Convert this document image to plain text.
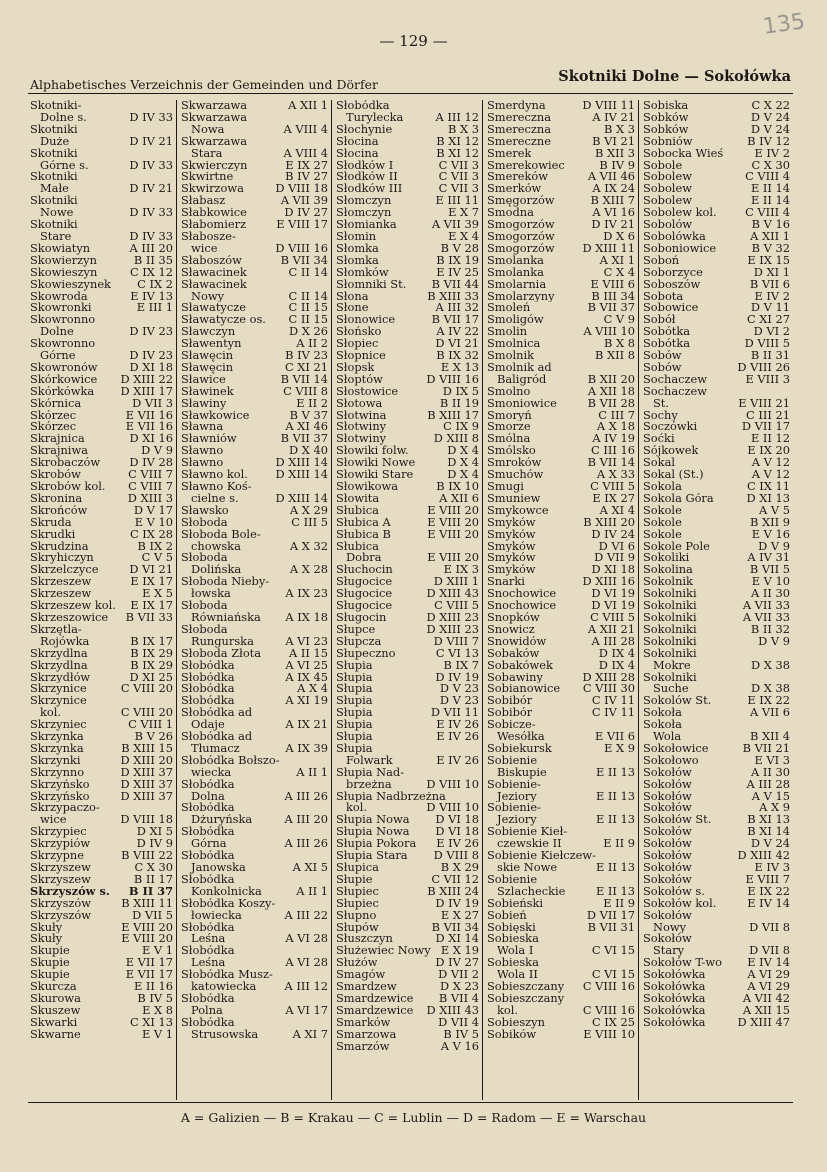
135
— 129 —
Alphabetisches Verzeichnis der Gemeinden und Dörfer	Skotniki Dolne — Sokołówka
Skotniki-
Dolne s.	D IV 33
Skotniki
Duże	D IV 21
Skotniki
Górne s.	D IV 33
Skotniki
Małe	D IV 21
Skotniki
Nowe	D IV 33
Skotniki
Stare	D IV 33
Skowiatyn	A III 20
Skowierzyn	B II 35
Skowieszyn	C IX 12
Skowieszynek C IX 2
Skowroda	E IV 13
Skowronki	E III 1
Skowronno
Dolne	D IV 23
Skowronno
Górne	D IV 23
Skowronów	D XI 18
Skórkowice D XIII 22
Skórkówka D XIII 17
Skórnica	D VII 3
Skórzec	E VII 16
Skórzec	E VII 16
Skrajnica	D XI 16
Skrajniwa	D V 9
Skrobaczów	D IV 28
Skrobów	C VIII 7
Skrobów kol. C VIII 7
Skronina	D XIII 3
Skrońców	D V 17
Skruda	E V 10
Skrudki	C IX 28
Skrudzina	B IX 2
Skryhiczyn	C V 5
Skrzelczyce	D VI 21
Skrzeszew	E IX 17
Skrzeszew	E X 5
Skrzeszew kol. E IX 17
Skrzeszowice B VII 33
Skrzętla-
Rojówka	B IX 17
Skrzydlna	B IX 29
Skrzydlna	B IX 29
Skrzydłów	D XI 25
Skrzynice	C VIII 20
Skrzynice
kol.	C VIII 20
Skrzyniec	C VIII 1
Skrzynka	B V 26
Skrzynka	B XIII 15
Skrzynki	D XIII 20
Skrzynno	D XIII 37
Skrzyńsko	D XIII 37
Skrzyńsko	D XIII 37
Skrzypaczo-
wice	D VIII 18
Skrzypiec	D XI 5
Skrzypiów	D IV 9
Skrzypne	B VIII 22
Skrzyszew	C X 30
Skrzyszew	B II 17
Skrzyszów s. B II 37
Skrzyszów	B XIII 11
Skrzyszów	D VII 5
Skuły	E VIII 20
Skuły	E VIII 20
Skupie	E V 1
Skupie	E VII 17
Skupie	E VII 17
Skurcza	E II 16
Skurowa	B IV 5
Skuszew	E X 8
Skwarki	C XI 13
Skwarne	E V 1
Skwarzawa	A XII 1
Skwarzawa
Nowa	A VIII 4
Skwarzawa
Stara	A VIII 4
Skwierczyn	E IX 27
Skwirtne	B IV 27
Skwirzowa	D VIII 18
Słabasz	A VII 39
Słabkowice	D IV 27
Słabomierz	E VIII 17
Słabosze-
wice	D VIII 16
Słaboszów	B VII 34
Sławacinek	C II 14
Sławacinek
Nowy	C II 14
Sławatycze	C II 15
Sławatycze os. C II 15
Sławczyn	D X 26
Sławentyn	A II 2
Sławęcin	B IV 23
Sławęcin	C XI 21
Sławice	B VII 14
Sławinek	C VIII 8
Sławiny	E II 2
Sławkowice	B V 37
Sławna	A XI 46
Sławniów	B VII 37
Sławno	D X 40
Sławno	D XIII 14
Sławno kol. D XIII 14
Sławno Koś-
cielne s.	D XIII 14
Sławsko	A X 29
Słoboda	C III 5
Słoboda Bole-
chowska	A X 32
Słoboda
Dolińska	A X 28
Słoboda Nieby-
łowska	A IX 23
Słoboda
Równiańska A IX 18
Słoboda
Rungurska	A VI 23
Słoboda Złota A II 15
Słobódka	A VI 25
Słobódka	A IX 45
Słobódka	A X 4
Słobódka	A XI 19
Słobódka ad
Odaje	A IX 21
Słobódka ad
Tłumacz	A IX 39
Słobódka Bołszo-
wiecka	A II 1
Słobódka
Dolna	A III 26
Słobódka
Dżuryńska	A III 20
Słobódka
Górna	A III 26
Słobódka
Janowska	A XI 5
Słobódka
Konkolnicka	A II 1
Słobódka Koszy-
łowiecka	A III 22
Słobódka
Leśna	A VI 28
Słobódka
Leśna	A VI 28
Słobódka Musz-
katowiecka A III 12
Słobódka
Polna	A VI 17
Słobódka
Strusowska	A XI 7
Słobódka
Turylecka	A III 12
Słochynie	B X 3
Słocina	B XI 12
Słocina	B XI 12
Słodków I	C VII 3
Słodków II	C VII 3
Słodków III	C VII 3
Słomczyn	E III 11
Słomczyn	E X 7
Słomianka	A VII 39
Słomin	E X 4
Słomka	B V 28
Słomka	B IX 19
Słomków	E IV 25
Słomniki St. B VII 44
Słona	B XIII 33
Słone	A III 32
Słonowice	B VII 17
Słońsko	A IV 22
Słopiec	D VI 21
Słopnice	B IX 32
Słopsk	E X 13
Słoptów	D VIII 16
Słostowice	D IX 5
Słotowa	B II 19
Słotwina	B XIII 17
Słotwiny	C IX 9
Słotwiny	D XIII 8
Słowiki folw.	D X 4
Słowiki Nowe	D X 4
Słowiki Stare	D X 4
Słowikowa	B IX 10
Słowita	A XII 6
Słubica	E VIII 20
Słubica A	E VIII 20
Słubica B	E VIII 20
Słubica
Dobra	E VIII 20
Słuchocin	E IX 3
Sługocice	D XIII 1
Sługocice	D XIII 43
Sługocice	C VIII 5
Sługocin	D XIII 23
Słupce	D XIII 23
Słupcza	D VIII 7
Słupeczno	C VI 13
Słupia	B IX 7
Słupia	D IV 19
Słupia	D V 23
Słupia	D V 23
Słupia	D VII 11
Słupia	E IV 26
Słupia	E IV 26
Słupia
Folwark	E IV 26
Słupia Nad-
brzeżna	D VIII 10
Słupia Nadbrzeżna
kol.	D VIII 10
Słupia Nowa D VI 18
Słupia Nowa D VI 18
Słupia Pokora E IV 26
Słupia Stara D VIII 8
Słupica	B X 29
Słupie	C VII 12
Słupiec	B XIII 24
Słupiec	D IV 19
Słupno	E X 27
Słupów	B VII 34
Słuszczyn	D XI 14
Służewiec Nowy E X 19
Służów	D IV 27
Smagów	D VII 2
Smardzew	D X 23
Smardzewice B VII 4
Smardzewice D XIII 43
Smarków	D VII 4
Smarzowa	B IV 5
Smarzów	A V 16
Smerdyna	D VIII 11
Smereczna	A IV 21
Smereczna	B X 3
Smereczne	B VI 21
Smerek	B XII 3
Smerekowiec	B IV 9
Smereków	A VII 46
Smerków	A IX 24
Smęgorzów	B XIII 7
Smodna	A VI 16
Smogorzów	D IV 21
Smogorzów	D X 6
Smogorzów D XIII 11
Smolanka	A XI 1
Smolanka	C X 4
Smolarnia	E VIII 6
Smolarzyny	B III 34
Smoleń	B VII 37
Smoligów	C V 9
Smolin	A VIII 10
Smolnica	B X 8
Smolnik	B XII 8
Smolnik ad
Baligród	B XII 20
Smolno	A XII 18
Smoniowice	B VII 28
Smoryń	C III 7
Smorze	A X 18
Smólna	A IV 19
Smólsko	C III 16
Smroków	B VII 14
Smuchów	A X 33
Smugi	C VIII 5
Smuniew	E IX 27
Smykowce	A XI 4
Smyków	B XIII 20
Smyków	D IV 24
Smyków	D VI 6
Smyków	D VII 9
Smyków	D XI 18
Snarki	D XIII 16
Snochowice	D VI 19
Snochowice	D VI 19
Snopków	C VIII 5
Snowicz	A XII 21
Snowidów	A III 28
Sobaków	D IX 4
Sobakówek	D IX 4
Sobawiny	D XIII 28
Sobianowice C VIII 30
Sobibór	C IV 11
Sobibór	C IV 11
Sobicze-
Wesółka	E VII 6
Sobiekursk	E X 9
Sobienie
Biskupie	E II 13
Sobienie-
Jeziory	E II 13
Sobienie-
Jeziory	E II 13
Sobienie Kieł-
czewskie II	E II 9
Sobienie Kiełczew-
skie Nowe	E II 13
Sobienie
Szlacheckie	E II 13
Sobieński	E II 9
Sobień	D VII 17
Sobięski	B VII 31
Sobieska
Wola I	C VI 15
Sobieska
Wola II	C VI 15
Sobieszczany C VIII 16
Sobieszczany
kol.	C VIII 16
Sobieszyn	C IX 25
Sobików	E VIII 10
Sobiska	C X 22
Sobków	D V 24
Sobków	D V 24
Sobniów	B IV 12
Sobocka Wieś	E IV 2
Sobole	C X 30
Sobolew	C VIII 4
Sobolew	E II 14
Sobolew	E II 14
Sobolew kol. C VIII 4
Sobolów	B V 16
Sobolówka	A XII 1
Soboniowice	B V 32
Soboń	E IX 15
Soborzyce	D XI 1
Soboszów	B VII 6
Sobota	E IV 2
Sobowice	D V 11
Sobół	C XI 27
Sobótka	D VI 2
Sobótka	D VIII 5
Sobów	B II 31
Sobów	D VIII 26
Sochaczew	E VIII 3
Sochaczew
St.	E VIII 21
Sochy	C III 21
Soczówki	D VII 17
Soćki	E II 12
Sójkowek	E IX 20
Sokal	A V 12
Sokal (St.)	A V 12
Sokola	C IX 11
Sokola Góra	D XI 13
Sokole	A V 5
Sokole	B XII 9
Sokole	E V 16
Sokole Pole	D V 9
Sokoliki	A IV 31
Sokolina	B VII 5
Sokolnik	E V 10
Sokolniki	A II 30
Sokolniki	A VII 33
Sokolniki	A VII 33
Sokolniki	B II 32
Sokolniki	D V 9
Sokolniki
Mokre	D X 38
Sokolniki
Suche	D X 38
Sokolów St.	E IX 22
Sokoła	A VII 6
Sokoła
Wola	B XII 4
Sokołowice	B VII 21
Sokołowo	E VI 3
Sokołów	A II 30
Sokołów	A III 28
Sokołów	A V 15
Sokołów	A X 9
Sokołów St.	B XI 13
Sokołów	B XI 14
Sokołów	D V 24
Sokołów	D XIII 42
Sokołów	E IV 3
Sokołów	E VIII 7
Sokołów s.	E IX 22
Sokołów kol.	E IV 14
Sokołów
Nowy	D VII 8
Sokołów
Stary	D VII 8
Sokołów T-wo E IV 14
Sokołówka	A VI 29
Sokołówka	A VI 29
Sokołówka	A VII 42
Sokołówka	A XII 15
Sokołówka	D XIII 47
A = Galizien — B = Krakau — C = Lublin — D = Radom — E = Warschau
